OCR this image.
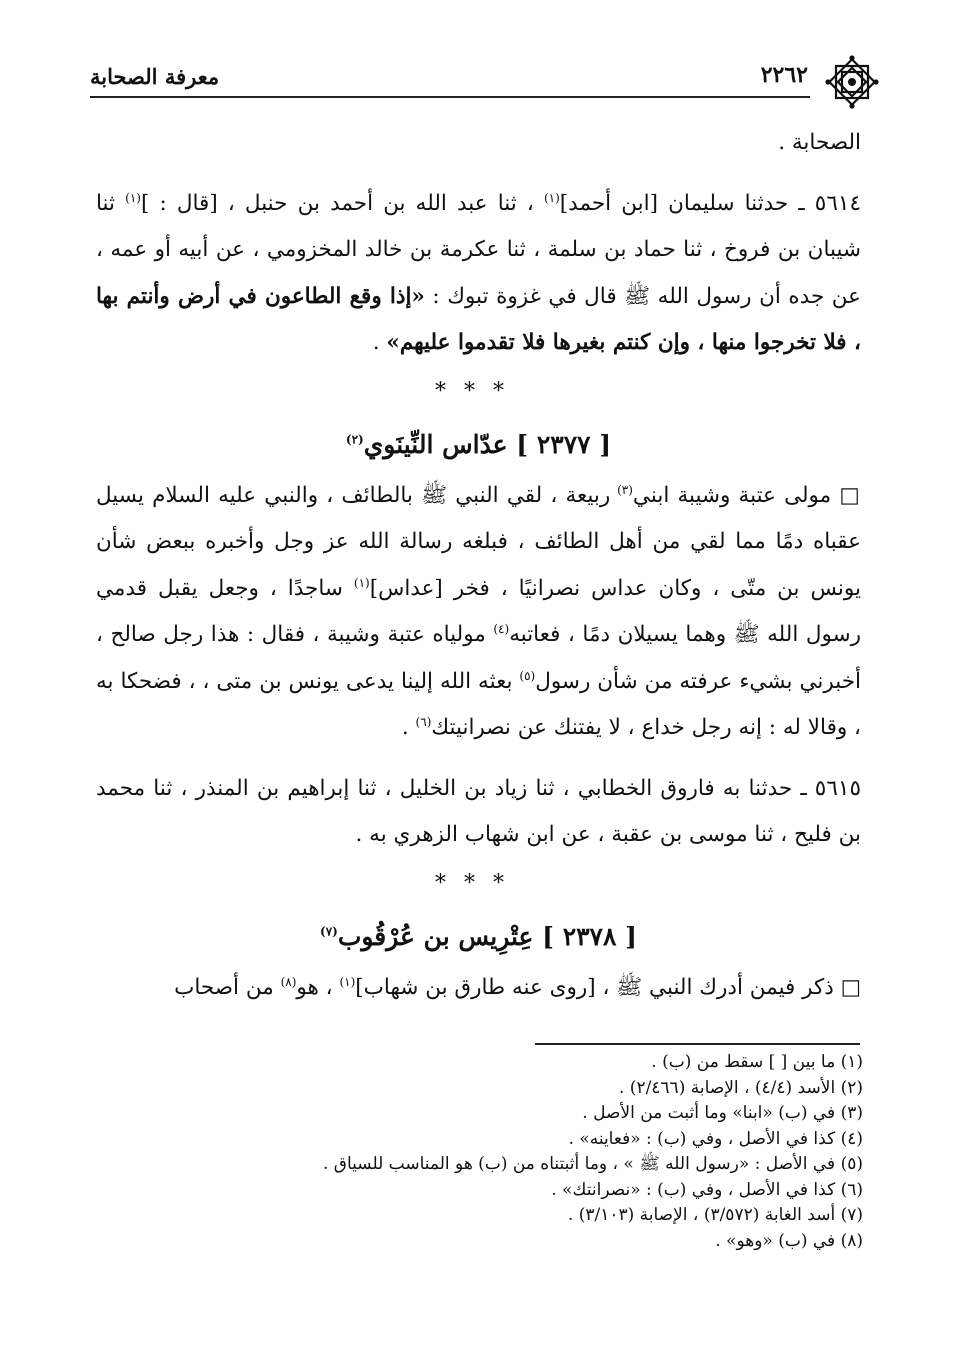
٢٢٦٢
معرفة الصحابة

الصحابة .

٥٦١٤ ـ حدثنا سليمان [ابن أحمد]$^{(١)}$ ، ثنا عبد الله بن أحمد بن حنبل ، [قال : ]$^{(١)}$ ثنا شيبان بن فروخ ، ثنا حماد بن سلمة ، ثنا عكرمة بن خالد المخزومي ، عن أبيه أو عمه ، عن جده أن رسول الله ﷺ قال في غزوة تبوك : «إذا وقع الطاعون في أرض وأنتم بها ، فلا تخرجوا منها ، وإن كنتم بغيرها فلا تقدموا عليهم» .

***

[ ٢٣٧٧ ] عدّاس النِّينَوي$^{(٢)}$

□ مولى عتبة وشيبة ابني$^{(٣)}$ ربيعة ، لقي النبي ﷺ بالطائف ، والنبي عليه السلام يسيل عقباه دمًا مما لقي من أهل الطائف ، فبلغه رسالة الله عز وجل وأخبره ببعض شأن يونس بن متّى ، وكان عداس نصرانيًا ، فخر [عداس]$^{(١)}$ ساجدًا ، وجعل يقبل قدمي رسول الله ﷺ وهما يسيلان دمًا ، فعاتبه$^{(٤)}$ مولياه عتبة وشيبة ، فقال : هذا رجل صالح ، أخبرني بشيء عرفته من شأن رسول$^{(٥)}$ بعثه الله إلينا يدعى يونس بن متى ، ، فضحكا به ، وقالا له : إنه رجل خداع ، لا يفتنك عن نصرانيتك$^{(٦)}$ .

٥٦١٥ ـ حدثنا به فاروق الخطابي ، ثنا زياد بن الخليل ، ثنا إبراهيم بن المنذر ، ثنا محمد بن فليح ، ثنا موسى بن عقبة ، عن ابن شهاب الزهري به .

***

[ ٢٣٧٨ ] عِتْرِيس بن عُرْقُوب$^{(٧)}$

□ ذكر فيمن أدرك النبي ﷺ ، [روى عنه طارق بن شهاب]$^{(١)}$ ، هو$^{(٨)}$ من أصحاب

(١) ما بين [ ] سقط من (ب) .
(٢) الأسد (٤/٤) ، الإصابة (٢/٤٦٦) .
(٣) في (ب) «ابنا» وما أثبت من الأصل .
(٤) كذا في الأصل ، وفي (ب) : «فعاينه» .
(٥) في الأصل : «رسول الله ﷺ » ، وما أثبتناه من (ب) هو المناسب للسياق .
(٦) كذا في الأصل ، وفي (ب) : «نصرانتك» .
(٧) أسد الغابة (٣/٥٧٢) ، الإصابة (٣/١٠٣) .
(٨) في (ب) «وهو» .
